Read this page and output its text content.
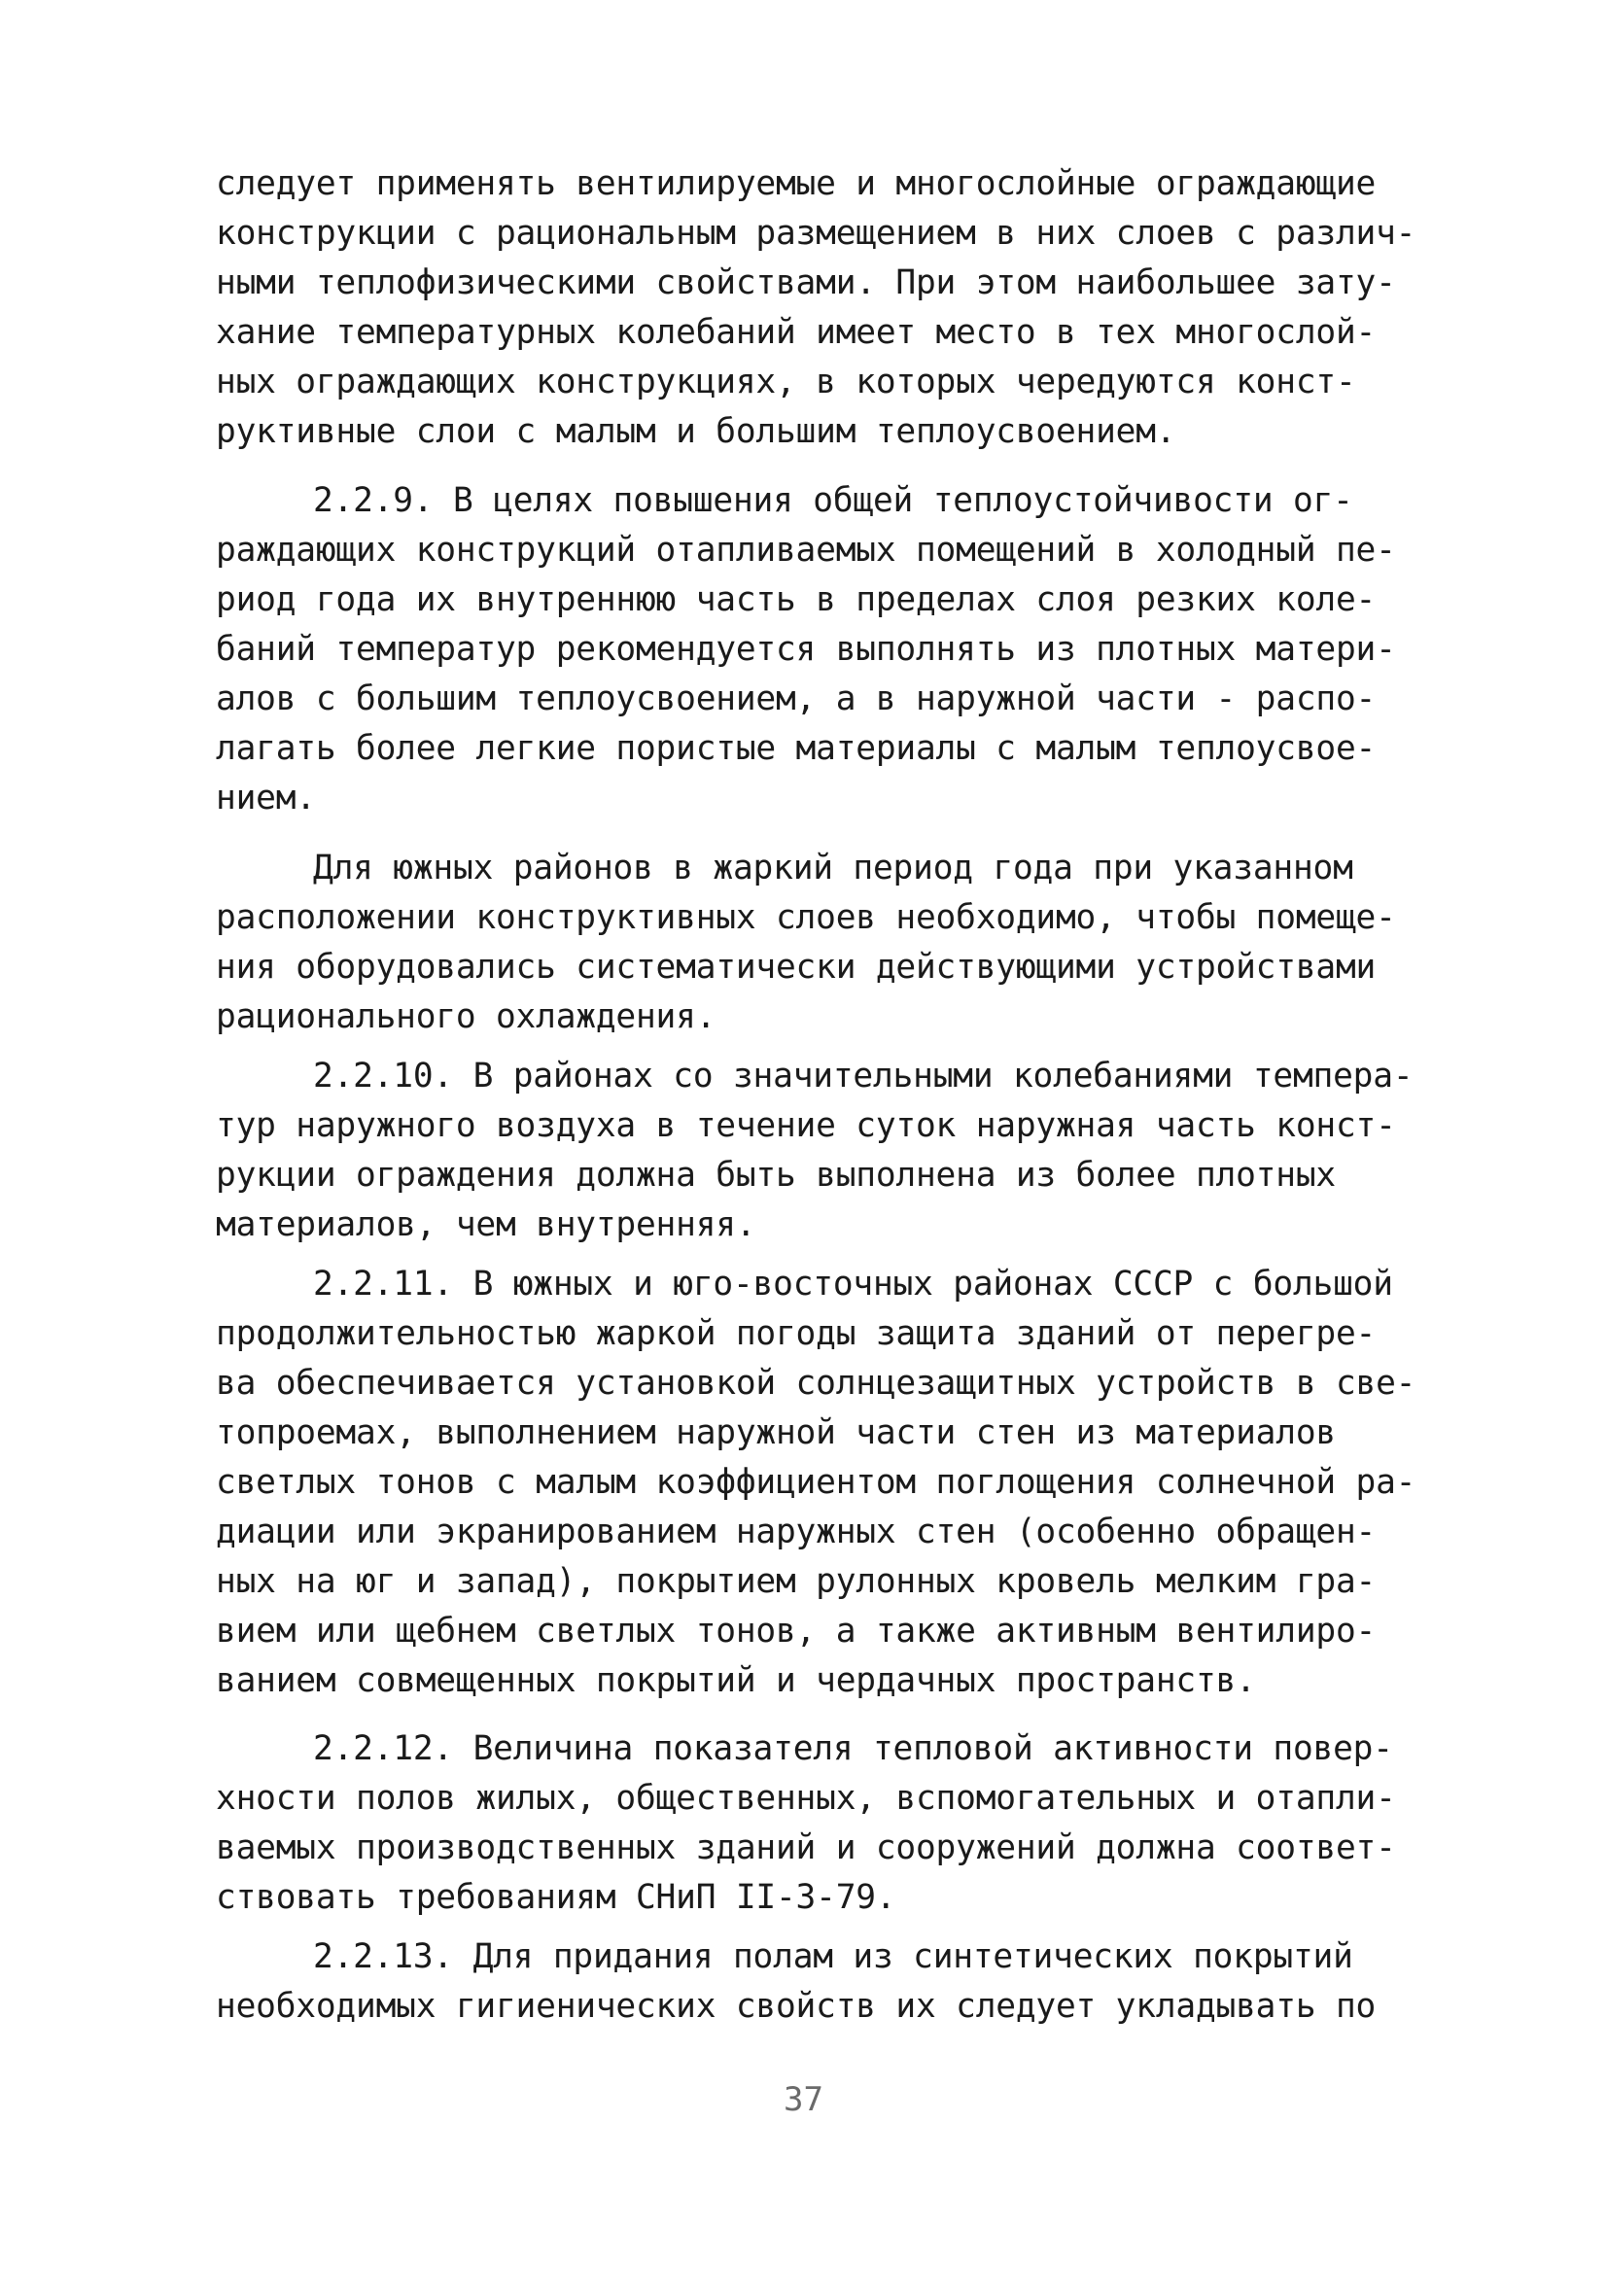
следует применять вентилируемые и многослойные ограждающие
конструкции с рациональным размещением в них слоев с различ-
ными теплофизическими свойствами. При этом наибольшее зату-
хание температурных колебаний имеет место в тех многослой-
ных ограждающих конструкциях, в которых чередуются конст-
руктивные слои с малым и большим теплоусвоением.
2.2.9. В целях повышения общей теплоустойчивости ог-
раждающих конструкций отапливаемых помещений в холодный пе-
риод года их внутреннюю часть в пределах слоя резких коле-
баний температур рекомендуется выполнять из плотных матери-
алов с большим теплоусвоением, а в наружной части - распо-
лагать более легкие пористые материалы с малым теплоусвое-
нием.
Для южных районов в жаркий период года при указанном
расположении конструктивных слоев необходимо, чтобы помеще-
ния оборудовались систематически действующими устройствами
рационального охлаждения.
2.2.10. В районах со значительными колебаниями темпера-
тур наружного воздуха в течение суток наружная часть конст-
рукции ограждения должна быть выполнена из более плотных
материалов, чем внутренняя.
2.2.11. В южных и юго-восточных районах СССР с большой
продолжительностью жаркой погоды защита зданий от перегре-
ва обеспечивается установкой солнцезащитных устройств в све-
топроемах, выполнением наружной части стен из материалов
светлых тонов с малым коэффициентом поглощения солнечной ра-
диации или экранированием наружных стен (особенно обращен-
ных на юг и запад), покрытием рулонных кровель мелким гра-
вием или щебнем светлых тонов, а также активным вентилиро-
ванием совмещенных покрытий и чердачных пространств.
2.2.12. Величина показателя тепловой активности повер-
хности полов жилых, общественных, вспомогательных и отапли-
ваемых производственных зданий и сооружений должна соответ-
ствовать требованиям СНиП II-3-79.
2.2.13. Для придания полам из синтетических покрытий
необходимых гигиенических свойств их следует укладывать по
37
